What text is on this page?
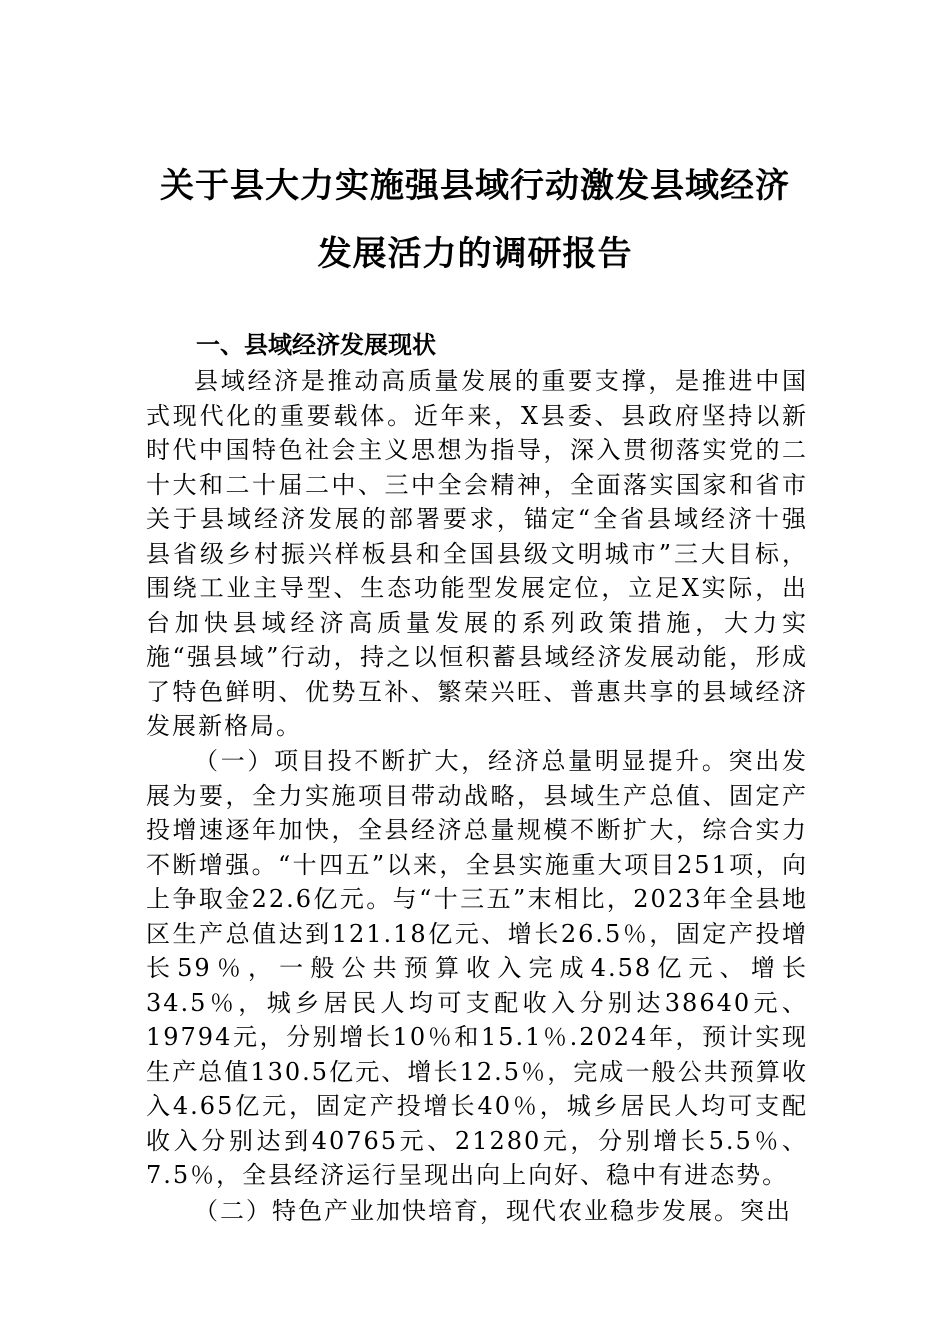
关于县大力实施强县域行动激发县域经济
发展活力的调研报告
一、县域经济发展现状

县域经济是推动高质量发展的重要支撑，是推进中国式现代化的重要载体。近年来，X县委、县政府坚持以新时代中国特色社会主义思想为指导，深入贯彻落实党的二十大和二十届二中、三中全会精神，全面落实国家和省市关于县域经济发展的部署要求，锚定“全省县域经济十强县省级乡村振兴样板县和全国县级文明城市”三大目标，围绕工业主导型、生态功能型发展定位，立足X实际，出台加快县域经济高质量发展的系列政策措施，大力实施“强县域”行动，持之以恒积蓄县域经济发展动能，形成了特色鲜明、优势互补、繁荣兴旺、普惠共享的县域经济发展新格局。

（一）项目投不断扩大，经济总量明显提升。突出发展为要，全力实施项目带动战略，县域生产总值、固定产投增速逐年加快，全县经济总量规模不断扩大，综合实力不断增强。“十四五”以来，全县实施重大项目251项，向上争取金22.6亿元。与“十三五”末相比，2023年全县地区生产总值达到121.18亿元、增长26.5％，固定产投增长59％，一般公共预算收入完成4.58亿元、增长34.5％，城乡居民人均可支配收入分别达38640元、19794元，分别增长10％和15.1％.2024年，预计实现生产总值130.5亿元、增长12.5％，完成一般公共预算收入4.65亿元，固定产投增长40％，城乡居民人均可支配收入分别达到40765元、21280元，分别增长5.5％、7.5％，全县经济运行呈现出向上向好、稳中有进态势。

（二）特色产业加快培育，现代农业稳步发展。突出
